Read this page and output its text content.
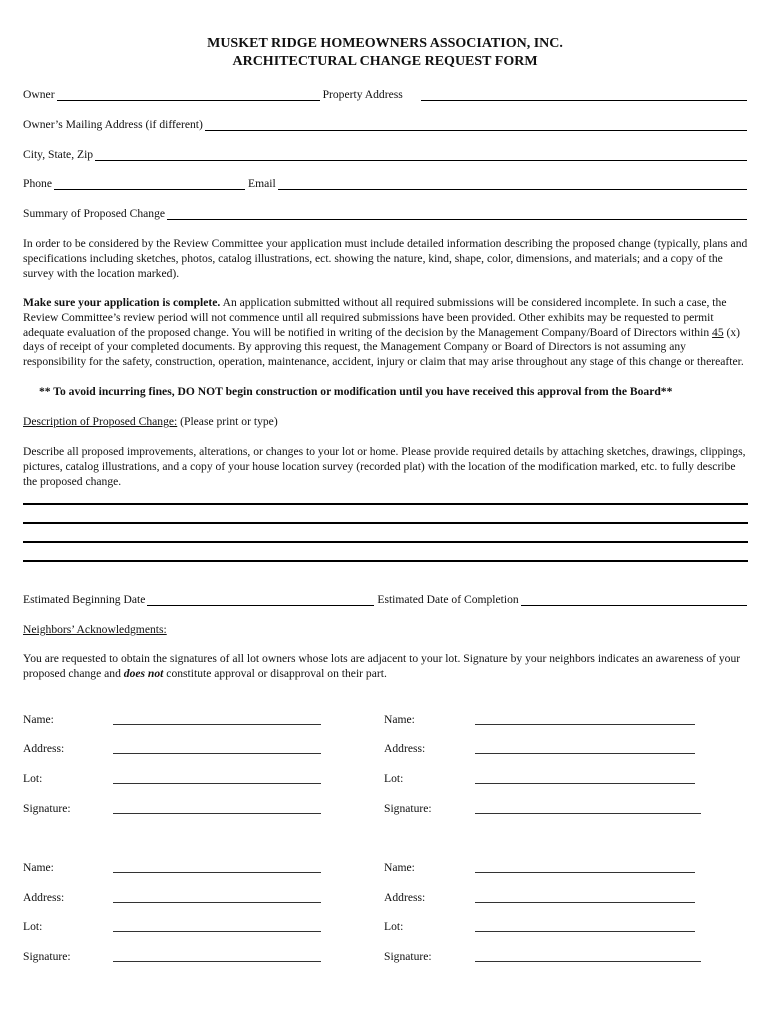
MUSKET RIDGE HOMEOWNERS ASSOCIATION, INC.
ARCHITECTURAL CHANGE REQUEST FORM
Owner	Property Address
Owner’s Mailing Address (if different)
City, State, Zip
Phone	Email
Summary of Proposed Change
In order to be considered by the Review Committee your application must include detailed information describing the proposed change (typically, plans and specifications including sketches, photos, catalog illustrations, ect. showing the nature, kind, shape, color, dimensions, and materials; and a copy of the survey with the location marked).
Make sure your application is complete. An application submitted without all required submissions will be considered incomplete. In such a case, the Review Committee’s review period will not commence until all required submissions have been provided. Other exhibits may be requested to permit adequate evaluation of the proposed change. You will be notified in writing of the decision by the Management Company/Board of Directors within 45 (x) days of receipt of your completed documents. By approving this request, the Management Company or Board of Directors is not assuming any responsibility for the safety, construction, operation, maintenance, accident, injury or claim that may arise throughout any stage of this change or thereafter.
** To avoid incurring fines, DO NOT begin construction or modification until you have received this approval from the Board**
Description of Proposed Change: (Please print or type)
Describe all proposed improvements, alterations, or changes to your lot or home. Please provide required details by attaching sketches, drawings, clippings, pictures, catalog illustrations, and a copy of your house location survey (recorded plat) with the location of the modification marked, etc. to fully describe the proposed change.
Estimated Beginning Date	Estimated Date of Completion
Neighbors’ Acknowledgments:
You are requested to obtain the signatures of all lot owners whose lots are adjacent to your lot. Signature by your neighbors indicates an awareness of your proposed change and does not constitute approval or disapproval on their part.
Name:	Name:
Address:	Address:
Lot:	Lot:
Signature:	Signature:
Name:	Name:
Address:	Address:
Lot:	Lot:
Signature:	Signature:
